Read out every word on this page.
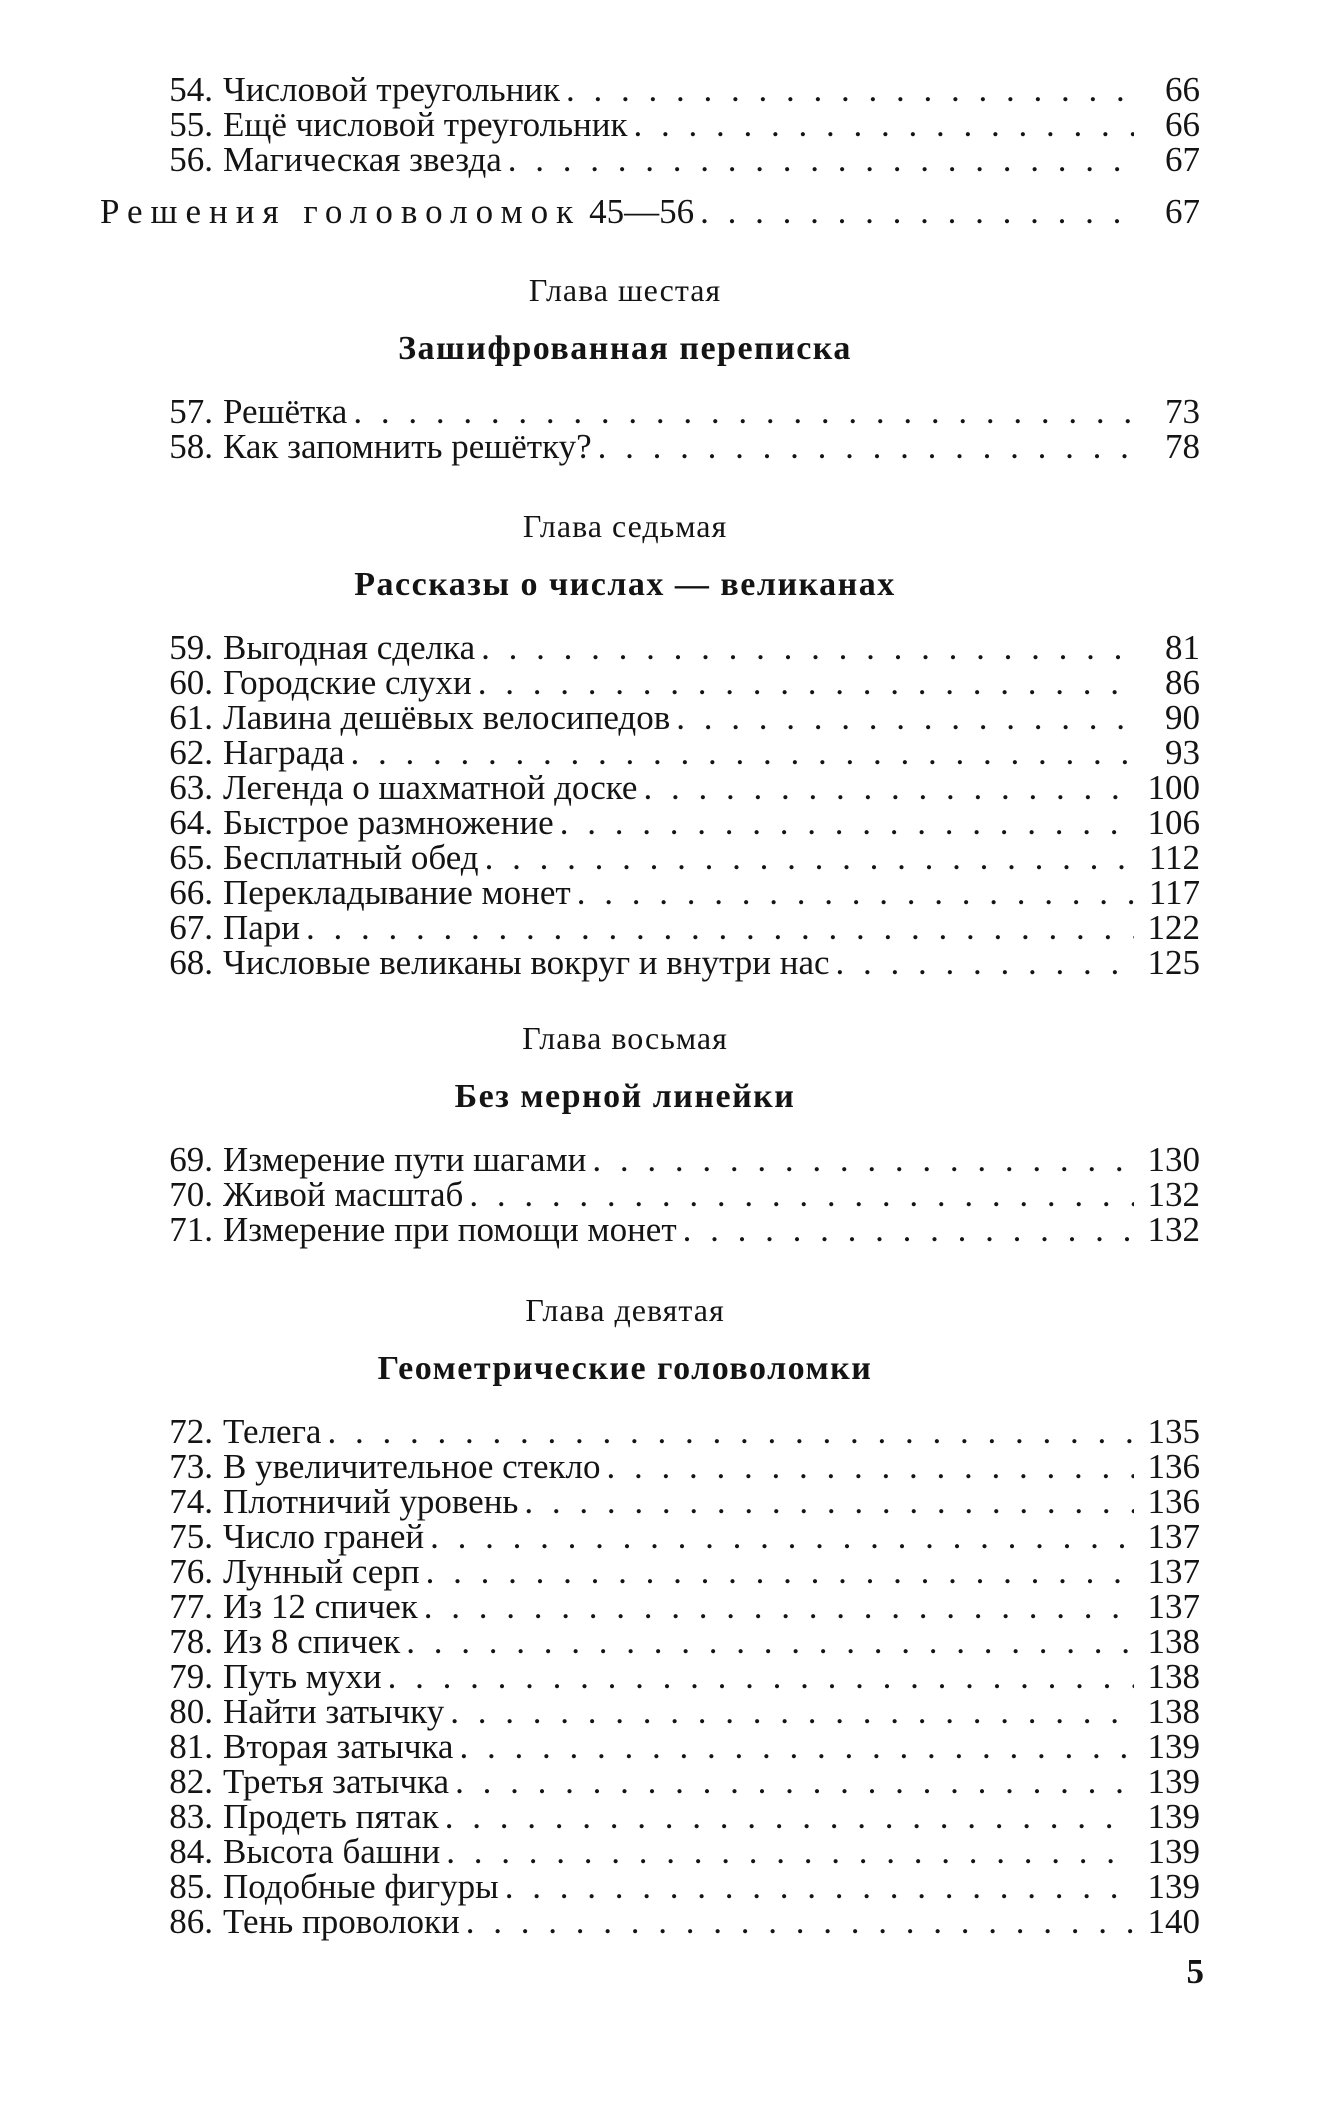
54. Числовой треугольник . . .	66
55. Ещё числовой треугольник . . .	66
56. Магическая звезда . . .	67
Решения головоломок 45—56 . . .	67
Глава шестая
Зашифрованная переписка
57. Решётка . . .	73
58. Как запомнить решётку? . . .	78
Глава седьмая
Рассказы о числах — великанах
59. Выгодная сделка . . .	81
60. Городские слухи . . .	86
61. Лавина дешёвых велосипедов . . .	90
62. Награда . . .	93
63. Легенда о шахматной доске . . .	100
64. Быстрое размножение . . .	106
65. Бесплатный обед . . .	112
66. Перекладывание монет . . .	117
67. Пари . . .	122
68. Числовые великаны вокруг и внутри нас . . .	125
Глава восьмая
Без мерной линейки
69. Измерение пути шагами . . .	130
70. Живой масштаб . . .	132
71. Измерение при помощи монет . . .	132
Глава девятая
Геометрические головоломки
72. Телега . . .	135
73. В увеличительное стекло . . .	136
74. Плотничий уровень . . .	136
75. Число граней . . .	137
76. Лунный серп . . .	137
77. Из 12 спичек . . .	137
78. Из 8 спичек . . .	138
79. Путь мухи . . .	138
80. Найти затычку . . .	138
81. Вторая затычка . . .	139
82. Третья затычка . . .	139
83. Продеть пятак . . .	139
84. Высота башни . . .	139
85. Подобные фигуры . . .	139
86. Тень проволоки . . .	140
5
